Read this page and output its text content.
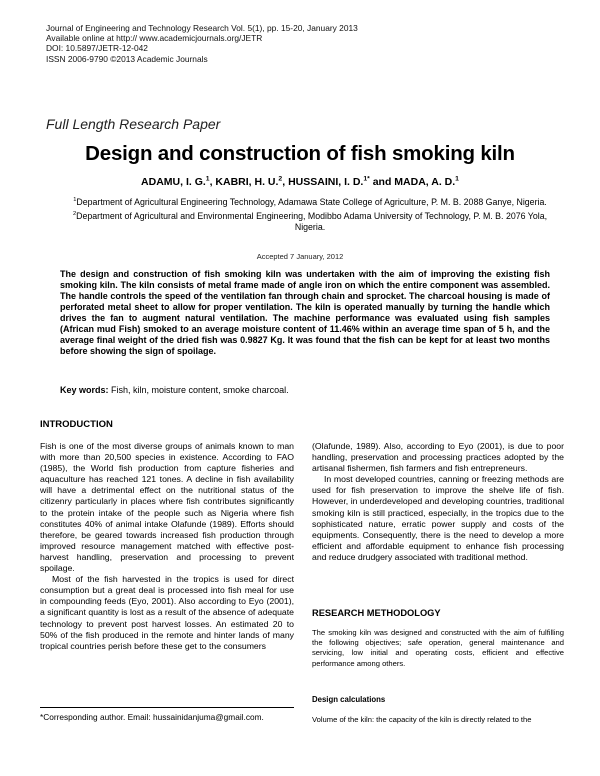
Journal of Engineering and Technology Research Vol. 5(1), pp. 15-20, January 2013
Available online at http:// www.academicjournals.org/JETR
DOI: 10.5897/JETR-12-042
ISSN 2006-9790 ©2013 Academic Journals
Full Length Research Paper
Design and construction of fish smoking kiln
ADAMU, I. G.$^1$, KABRI, H. U.$^2$, HUSSAINI, I. D.$^{1*}$ and MADA, A. D.$^1$

$^1$Department of Agricultural Engineering Technology, Adamawa State College of Agriculture, P. M. B. 2088 Ganye, Nigeria.

$^2$Department of Agricultural and Environmental Engineering, Modibbo Adama University of Technology, P. M. B. 2076 Yola, Nigeria.

Accepted 7 January, 2012
The design and construction of fish smoking kiln was undertaken with the aim of improving the existing fish smoking kiln. The kiln consists of metal frame made of angle iron on which the entire component was assembled. The handle controls the speed of the ventilation fan through chain and sprocket. The charcoal housing is made of perforated metal sheet to allow for proper ventilation. The kiln is operated manually by turning the handle which drives the fan to augment natural ventilation. The machine performance was evaluated using fish samples (African mud Fish) smoked to an average moisture content of 11.46% within an average time span of 5 h, and the average final weight of the dried fish was 0.9827 Kg. It was found that the fish can be kept for at least two months before showing the sign of spoilage.
Key words: Fish, kiln, moisture content, smoke charcoal.
INTRODUCTION

Fish is one of the most diverse groups of animals known to man with more than 20,500 species in existence. According to FAO (1985), the World fish production from capture fisheries and aquaculture has reached 121 tones. A decline in fish availability will have a detrimental effect on the nutritional status of the citizenry particularly in places where fish contributes significantly to the protein intake of the people such as Nigeria where fish constitutes 40% of animal intake Olafunde (1989). Efforts should therefore, be geared towards increased fish production through improved resource management matched with effective post-harvest handling, preservation and processing to prevent spoilage.

Most of the fish harvested in the tropics is used for direct consumption but a great deal is processed into fish meal for use in compounding feeds (Eyo, 2001). Also according to Eyo (2001), a significant quantity is lost as a result of the absence of adequate technology to prevent post harvest losses. An estimated 20 to 50% of the fish produced in the remote and hinter lands of many tropical countries perish before these get to the consumers

(Olafunde, 1989). Also, according to Eyo (2001), is due to poor handling, preservation and processing practices adopted by the artisanal fishermen, fish farmers and fish entrepreneurs.

In most developed countries, canning or freezing methods are used for fish preservation to improve the shelve life of fish. However, in underdeveloped and developing countries, traditional smoking kiln is still practiced, especially, in the tropics due to the sophisticated nature, erratic power supply and costs of the equipments. Consequently, there is the need to develop a more efficient and affordable equipment to enhance fish processing and reduce drudgery associated with traditional method.

RESEARCH METHODOLOGY
The smoking kiln was designed and constructed with the aim of fulfilling the following objectives; safe operation, general maintenance and servicing, low initial and operating costs, efficient and effective performance among others.
Design calculations
Volume of the kiln: the capacity of the kiln is directly related to the
*Corresponding author. Email: hussainidanjuma@gmail.com.
